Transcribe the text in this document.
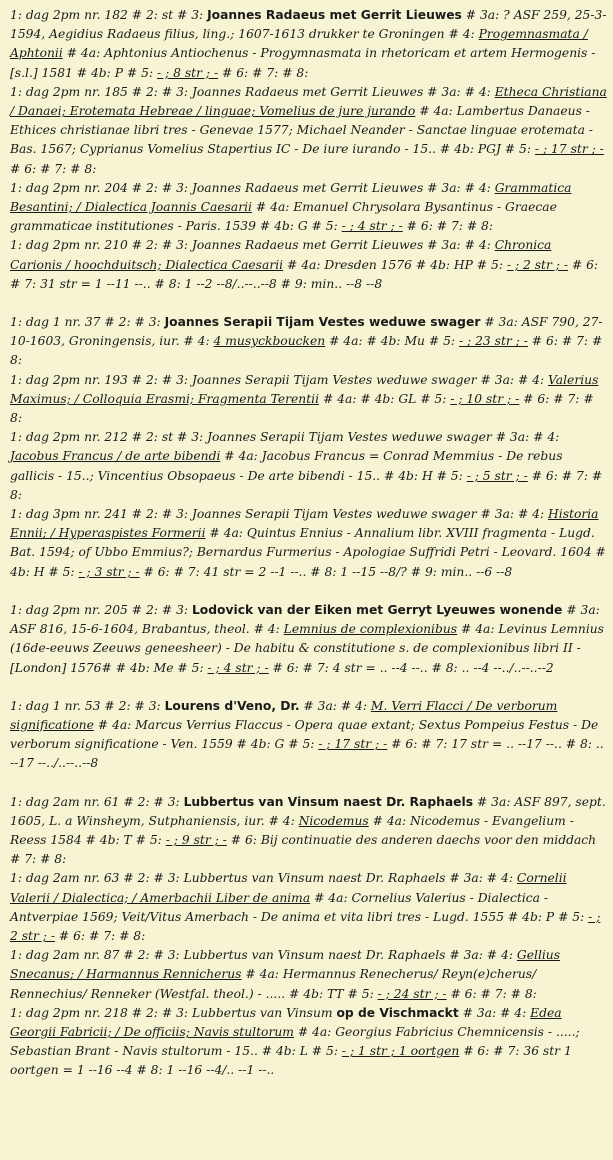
1: dag 2pm nr. 182 # 2: st # 3: Joannes Radaeus met Gerrit Lieuwes # 3a: ? ASF 259, 25-3-1594, Aegidius Radaeus filius, ling.; 1607-1613 drukker te Groningen # 4: Progemnasmata / Aphtonii # 4a: Aphtonius Antiochenus - Progymnasmata in rhetoricam et artem Hermogenis - [s.l.] 1581 # 4b: P # 5: - ; 8 str ; - # 6: # 7: # 8:

1: dag 2pm nr. 185 # 2: # 3: Joannes Radaeus met Gerrit Lieuwes # 3a: # 4: Etheca Christiana / Danaei; Erotemata Hebreae / linguae; Vomelius de jure jurando # 4a: Lambertus Danaeus - Ethices christianae libri tres - Genevae 1577; Michael Neander - Sanctae linguae erotemata - Bas. 1567; Cyprianus Vomelius Stapertius IC - De iure iurando - 15.. # 4b: PGJ # 5: - ; 17 str ; - # 6: # 7: # 8:

1: dag 2pm nr. 204 # 2: # 3: Joannes Radaeus met Gerrit Lieuwes # 3a: # 4: Grammatica Besantini; / Dialectica Joannis Caesarii # 4a: Emanuel Chrysolara Bysantinus - Graecae grammaticae institutiones - Paris. 1539 # 4b: G # 5: - ; 4 str ; - # 6: # 7: # 8:

1: dag 2pm nr. 210 # 2: # 3: Joannes Radaeus met Gerrit Lieuwes # 3a: # 4: Chronica Carionis / hoochduitsch; Dialectica Caesarii # 4a: Dresden 1576 # 4b: HP # 5: - ; 2 str ; - # 6: # 7: 31 str = 1 --11 --.. # 8: 1 --2 --8/..--..--8 # 9: min.. --8 --8

1: dag 1 nr. 37 # 2: # 3: Joannes Serapii Tijam Vestes weduwe swager # 3a: ASF 790, 27-10-1603, Groningensis, iur. # 4: 4 musyckboucken # 4a: # 4b: Mu # 5: - ; 23 str ; - # 6: # 7: # 8:

1: dag 2pm nr. 193 # 2: # 3: Joannes Serapii Tijam Vestes weduwe swager # 3a: # 4: Valerius Maximus; / Colloquia Erasmi; Fragmenta Terentii # 4a: # 4b: GL # 5: - ; 10 str ; - # 6: # 7: # 8:

1: dag 2pm nr. 212 # 2: st # 3: Joannes Serapii Tijam Vestes weduwe swager # 3a: # 4: Jacobus Francus / de arte bibendi # 4a: Jacobus Francus = Conrad Memmius - De rebus gallicis - 15..; Vincentius Obsopaeus - De arte bibendi - 15.. # 4b: H # 5: - ; 5 str ; - # 6: # 7: # 8:

1: dag 3pm nr. 241 # 2: # 3: Joannes Serapii Tijam Vestes weduwe swager # 3a: # 4: Historia Ennii; / Hyperaspistes Formerii # 4a: Quintus Ennius - Annalium libr. XVIII fragmenta - Lugd. Bat. 1594; of Ubbo Emmius?; Bernardus Furmerius - Apologiae Suffridi Petri - Leovard. 1604 # 4b: H # 5: - ; 3 str ; - # 6: # 7: 41 str = 2 --1 --.. # 8: 1 --15 --8/? # 9: min.. --6 --8

1: dag 2pm nr. 205 # 2: # 3: Lodovick van der Eiken met Gerryt Lyeuwes wonende # 3a: ASF 816, 15-6-1604, Brabantus, theol. # 4: Lemnius de complexionibus # 4a: Levinus Lemnius (16de-eeuws Zeeuws geneesheer) - De habitu & constitutione s. de complexionibus libri II - [London] 1576# # 4b: Me # 5: - ; 4 str ; - # 6: # 7: 4 str = .. --4 --.. # 8: .. --4 --../..--..--2

1: dag 1 nr. 53 # 2: # 3: Lourens d'Veno, Dr. # 3a: # 4: M. Verri Flacci / De verborum significatione # 4a: Marcus Verrius Flaccus - Opera quae extant; Sextus Pompeius Festus - De verborum significatione - Ven. 1559 # 4b: G # 5: - ; 17 str ; - # 6: # 7: 17 str = .. --17 --.. # 8: .. --17 --../..--..--8

1: dag 2am nr. 61 # 2: # 3: Lubbertus van Vinsum naest Dr. Raphaels # 3a: ASF 897, sept. 1605, L. a Winsheym, Sutphaniensis, iur. # 4: Nicodemus # 4a: Nicodemus - Evangelium - Reess 1584 # 4b: T # 5: - ; 9 str ; - # 6: Bij continuatie des anderen daechs voor den middach # 7: # 8:

1: dag 2am nr. 63 # 2: # 3: Lubbertus van Vinsum naest Dr. Raphaels # 3a: # 4: Cornelii Valerii / Dialectica; / Amerbachii Liber de anima # 4a: Cornelius Valerius - Dialectica - Antverpiae 1569; Veit/Vitus Amerbach - De anima et vita libri tres - Lugd. 1555 # 4b: P # 5: - ; 2 str ; - # 6: # 7: # 8:

1: dag 2am nr. 87 # 2: # 3: Lubbertus van Vinsum naest Dr. Raphaels # 3a: # 4: Gellius Snecanus; / Harmannus Rennicherus # 4a: Hermannus Renecherus/ Reyn(e)cherus/ Rennechius/ Renneker (Westfal. theol.) - ..... # 4b: TT # 5: - ; 24 str ; - # 6: # 7: # 8:

1: dag 2pm nr. 218 # 2: # 3: Lubbertus van Vinsum op de Vischmackt # 3a: # 4: Edea Georgii Fabricii; / De officiis; Navis stultorum # 4a: Georgius Fabricius Chemnicensis - .....; Sebastian Brant - Navis stultorum - 15.. # 4b: L # 5: - ; 1 str ; 1 oortgen # 6: # 7: 36 str 1 oortgen = 1 --16 --4 # 8: 1 --16 --4/.. --1 --..
